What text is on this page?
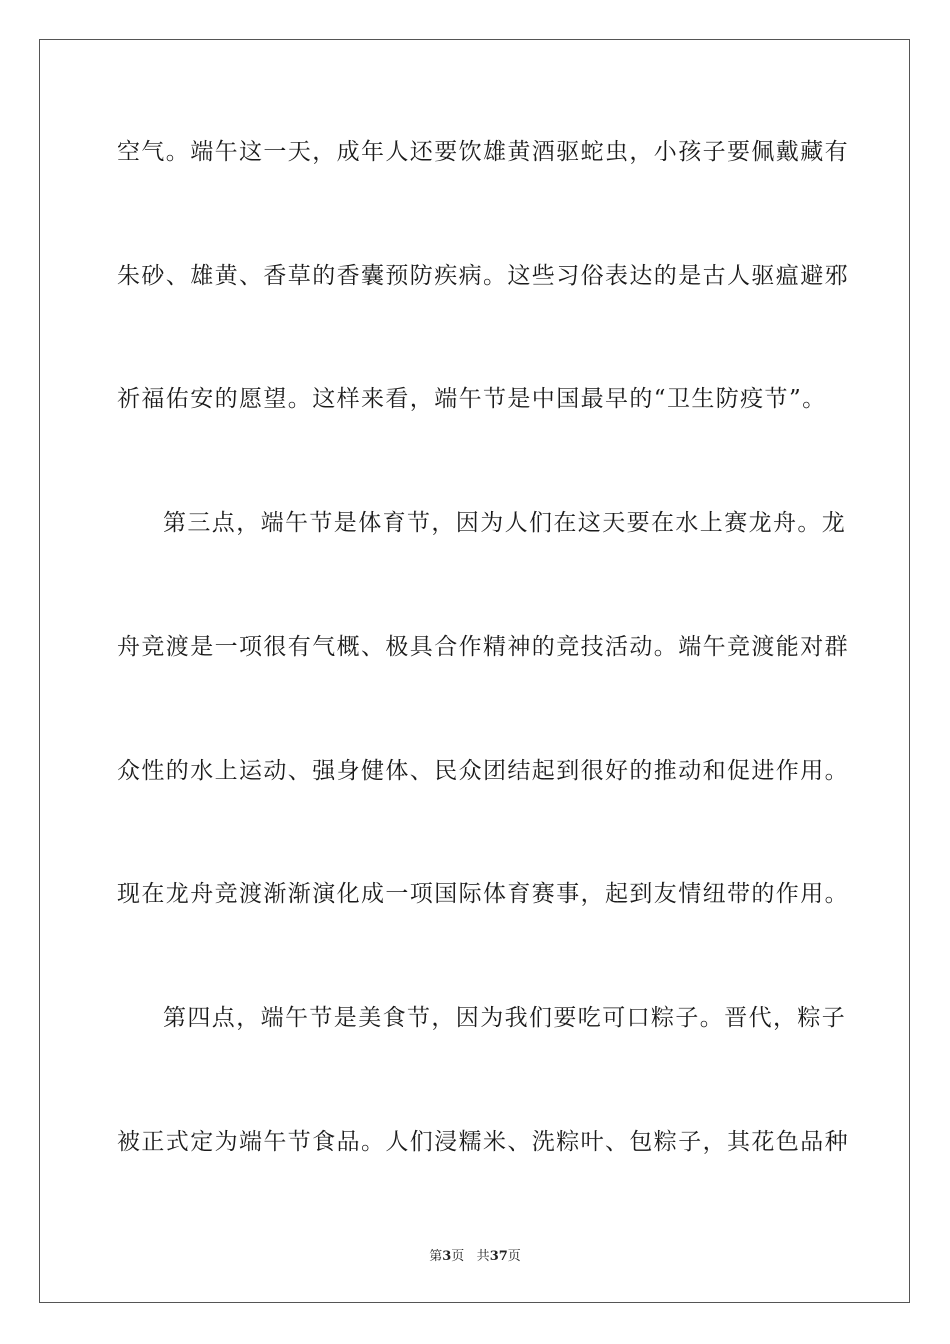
空气。端午这一天，成年人还要饮雄黄酒驱蛇虫，小孩子要佩戴藏有
朱砂、雄黄、香草的香囊预防疾病。这些习俗表达的是古人驱瘟避邪
祈福佑安的愿望。这样来看，端午节是中国最早的“卫生防疫节”。
第三点，端午节是体育节，因为人们在这天要在水上赛龙舟。龙
舟竞渡是一项很有气概、极具合作精神的竞技活动。端午竞渡能对群
众性的水上运动、强身健体、民众团结起到很好的推动和促进作用。
现在龙舟竞渡渐渐演化成一项国际体育赛事，起到友情纽带的作用。
第四点，端午节是美食节，因为我们要吃可口粽子。晋代，粽子
被正式定为端午节食品。人们浸糯米、洗粽叶、包粽子，其花色品种
第3页 共37页
